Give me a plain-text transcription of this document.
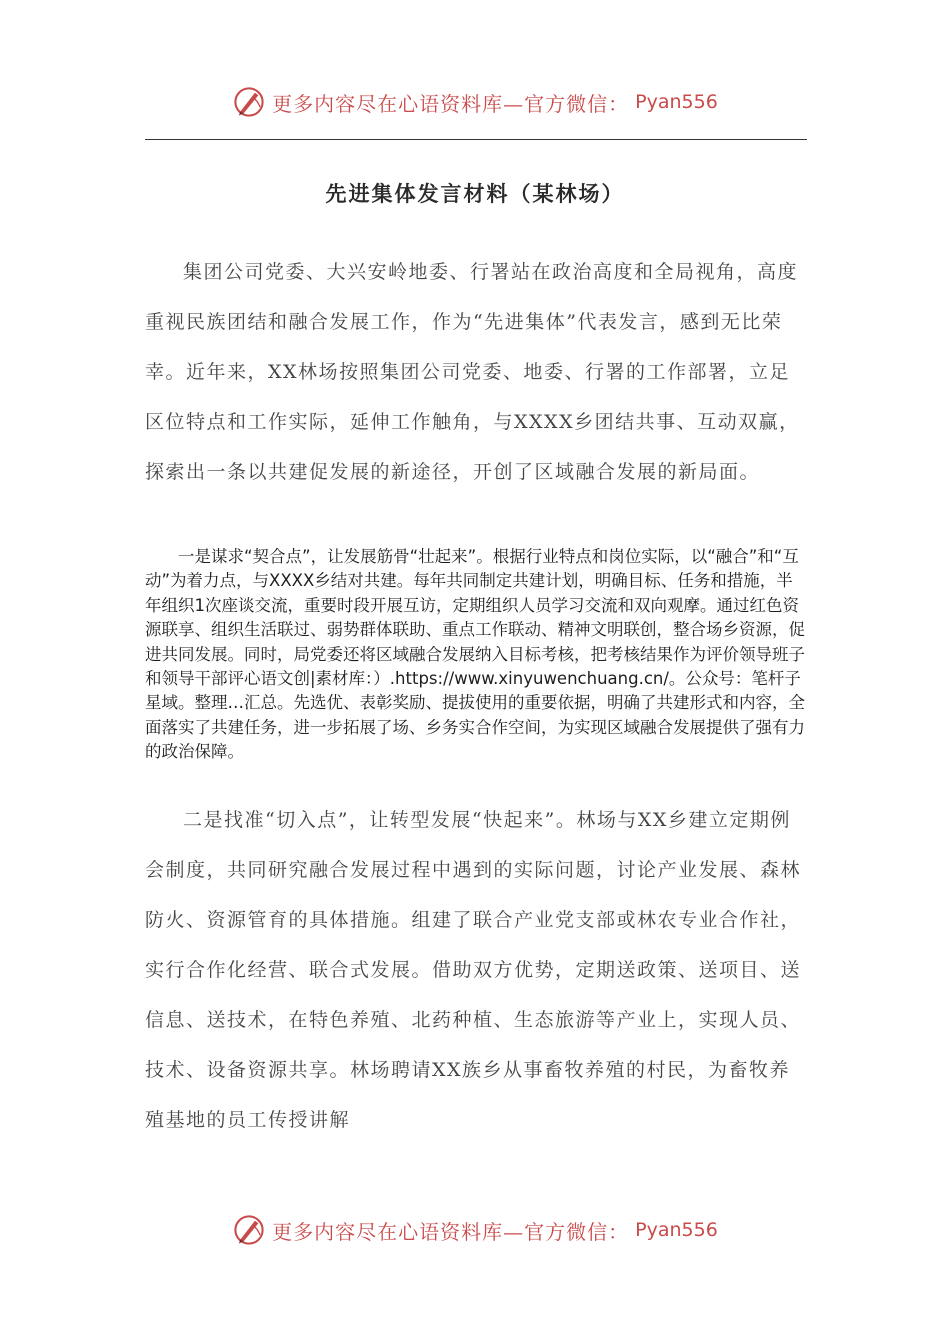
更多内容尽在心语资料库—官方微信： Pyan556
先进集体发言材料（某林场）

集团公司党委、大兴安岭地委、行署站在政治高度和全局视角，高度重视民族团结和融合发展工作，作为“先进集体”代表发言，感到无比荣幸。近年来，XX林场按照集团公司党委、地委、行署的工作部署，立足区位特点和工作实际，延伸工作触角，与XXXX乡团结共事、互动双赢，探索出一条以共建促发展的新途径，开创了区域融合发展的新局面。

一是谋求“契合点”，让发展筋骨“壮起来”。根据行业特点和岗位实际，以“融合”和“互动”为着力点，与XXXX乡结对共建。每年共同制定共建计划，明确目标、任务和措施，半年组织1次座谈交流，重要时段开展互访，定期组织人员学习交流和双向观摩。通过红色资源联享、组织生活联过、弱势群体联助、重点工作联动、精神文明联创，整合场乡资源，促进共同发展。同时，局党委还将区域融合发展纳入目标考核，把考核结果作为评价领导班子和领导干部评心语文创|素材库：）.https://www.xinyuwenchuang.cn/。公众号：笔杆子星域。整理…汇总。先选优、表彰奖励、提拔使用的重要依据，明确了共建形式和内容，全面落实了共建任务，进一步拓展了场、乡务实合作空间，为实现区域融合发展提供了强有力的政治保障。

二是找准“切入点”，让转型发展“快起来”。林场与XX乡建立定期例会制度，共同研究融合发展过程中遇到的实际问题，讨论产业发展、森林防火、资源管育的具体措施。组建了联合产业党支部或林农专业合作社，实行合作化经营、联合式发展。借助双方优势，定期送政策、送项目、送信息、送技术，在特色养殖、北药种植、生态旅游等产业上，实现人员、技术、设备资源共享。林场聘请XX族乡从事畜牧养殖的村民，为畜牧养殖基地的员工传授讲解

更多内容尽在心语资料库—官方微信： Pyan556
